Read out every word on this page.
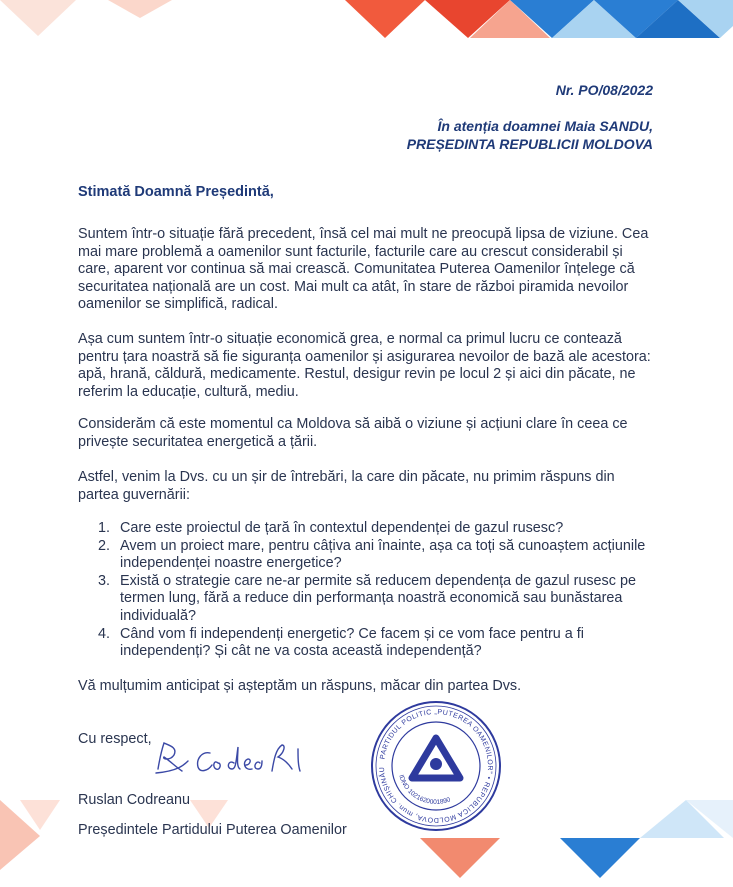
Nr. PO/08/2022
În atenția doamnei Maia SANDU,
PREȘEDINTA REPUBLICII MOLDOVA
Stimată Doamnă Președintă,

Suntem într-o situație fără precedent, însă cel mai mult ne preocupă lipsa de viziune. Cea mai mare problemă a oamenilor sunt facturile, facturile care au crescut considerabil și care, aparent vor continua să mai crească. Comunitatea Puterea Oamenilor înțelege că securitatea națională are un cost. Mai mult ca atât, în stare de război piramida nevoilor oamenilor se simplifică, radical.

Așa cum suntem într-o situație economică grea, e normal ca primul lucru ce contează pentru țara noastră să fie siguranța oamenilor și asigurarea nevoilor de bază ale acestora: apă, hrană, căldură, medicamente. Restul, desigur revin pe locul 2 și aici din păcate, ne referim la educație, cultură, mediu.

Considerăm că este momentul ca Moldova să aibă o viziune și acțiuni clare în ceea ce privește securitatea energetică a țării.

Astfel, venim la Dvs. cu un șir de întrebări, la care din păcate, nu primim răspuns din partea guvernării:

1. Care este proiectul de țară în contextul dependenței de gazul rusesc?
2. Avem un proiect mare, pentru câțiva ani înainte, așa ca toți să cunoaștem acțiunile independenței noastre energetice?
3. Există o strategie care ne-ar permite să reducem dependența de gazul rusesc pe termen lung, fără a reduce din performanța noastră economică sau bunăstarea individuală?
4. Când vom fi independenți energetic? Ce facem și ce vom face pentru a fi independenți? Și cât ne va costa această independență?

Vă mulțumim anticipat și așteptăm un răspuns, măcar din partea Dvs.

Cu respect,
Ruslan Codreanu
Președintele Partidului Puterea Oamenilor
PARTIDUL POLITIC „PUTEREA OAMENILOR” • REPUBLICA MOLDOVA, mun. CHIȘINĂU
IDNO 1021620001890
